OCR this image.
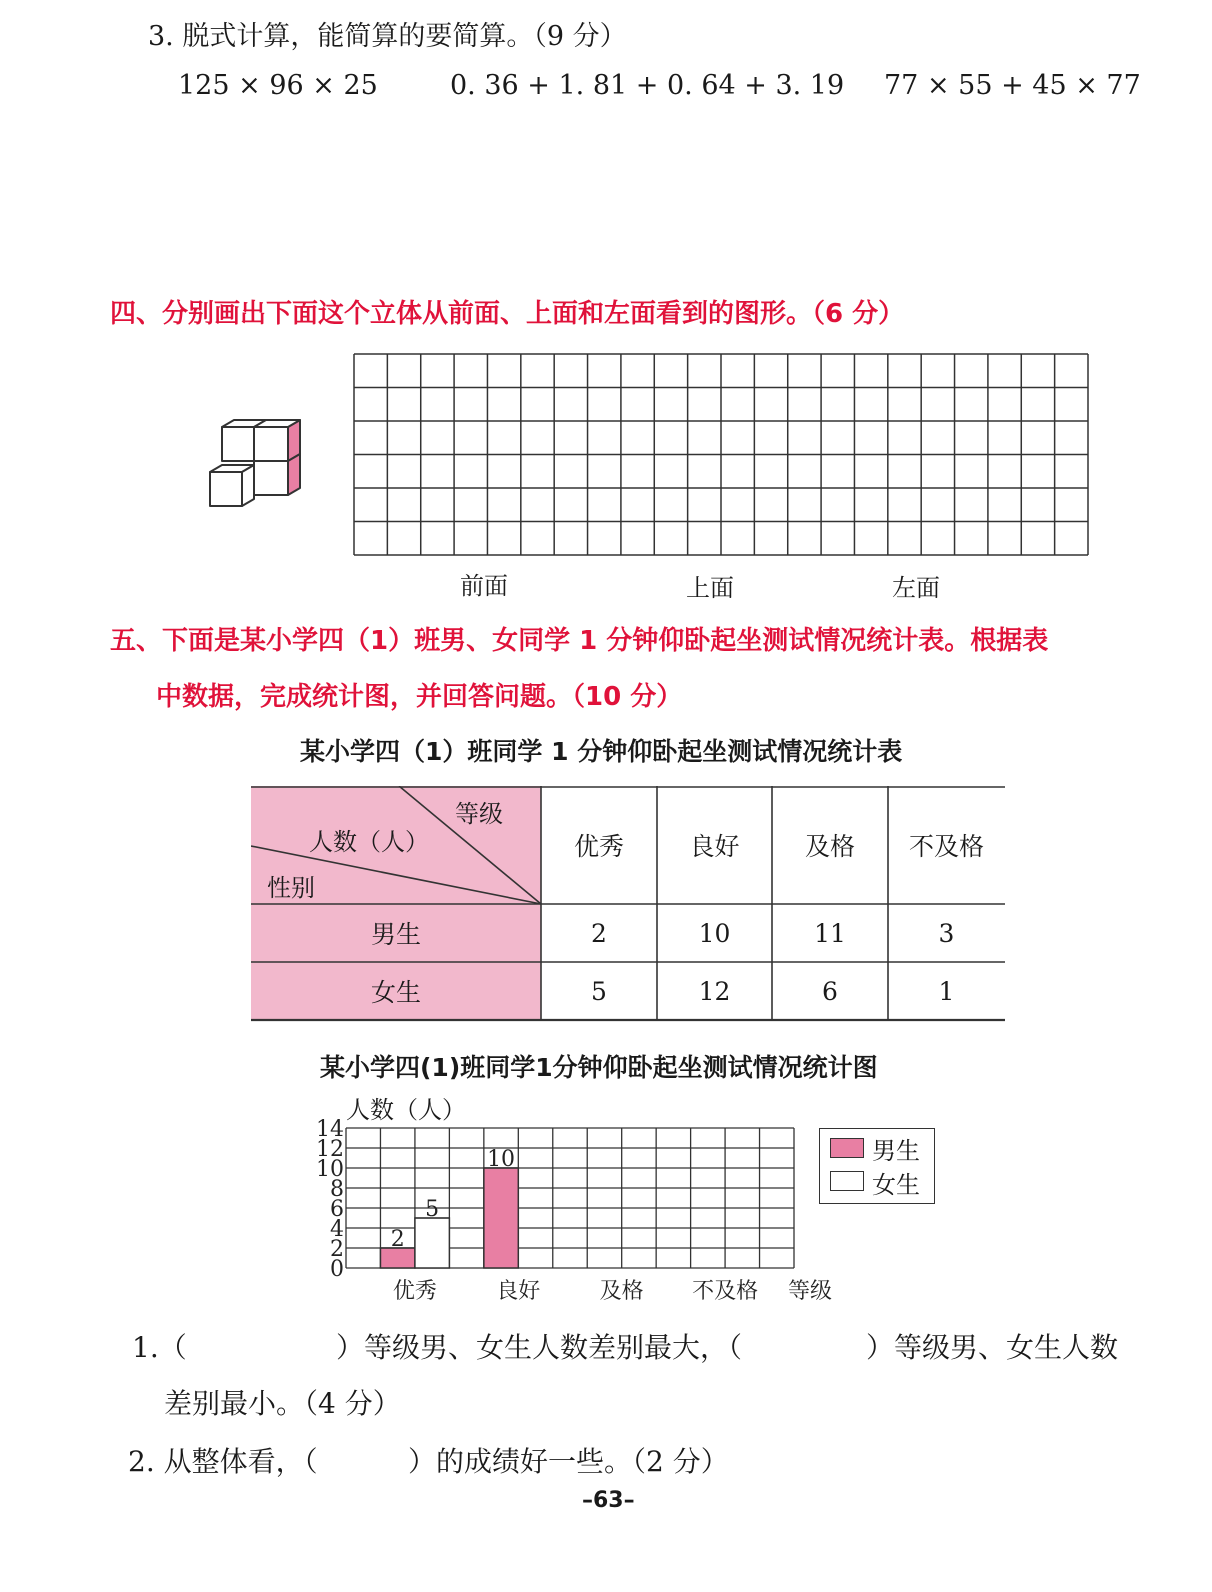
3. 脱式计算，能简算的要简算。（9 分）
125 × 96 × 25	0. 36 + 1. 81 + 0. 64 + 3. 19 77 × 55 + 45 × 77
四、分别画出下面这个立体从前面、上面和左面看到的图形。（6 分）
前面	上面	左面
五、下面是某小学四（1）班男、女同学 1 分钟仰卧起坐测试情况统计表。根据表
中数据，完成统计图，并回答问题。（10 分）
某小学四（1）班同学 1 分钟仰卧起坐测试情况统计表
等级
人数（人）
性别
优秀	良好	及格	不及格
男生	2	10	11	3
女生	5	12	6	1
某小学四(1)班同学1分钟仰卧起坐测试情况统计图
人数（人）
0
2
4
6
8
10
12
14
2
10
5
优秀	良好	及格 不及格 等级
男生
女生
1.（	）等级男、女生人数差别最大，（	）等级男、女生人数
差别最小。（4 分）
2. 从整体看，（	）的成绩好一些。（2 分）
–63–
